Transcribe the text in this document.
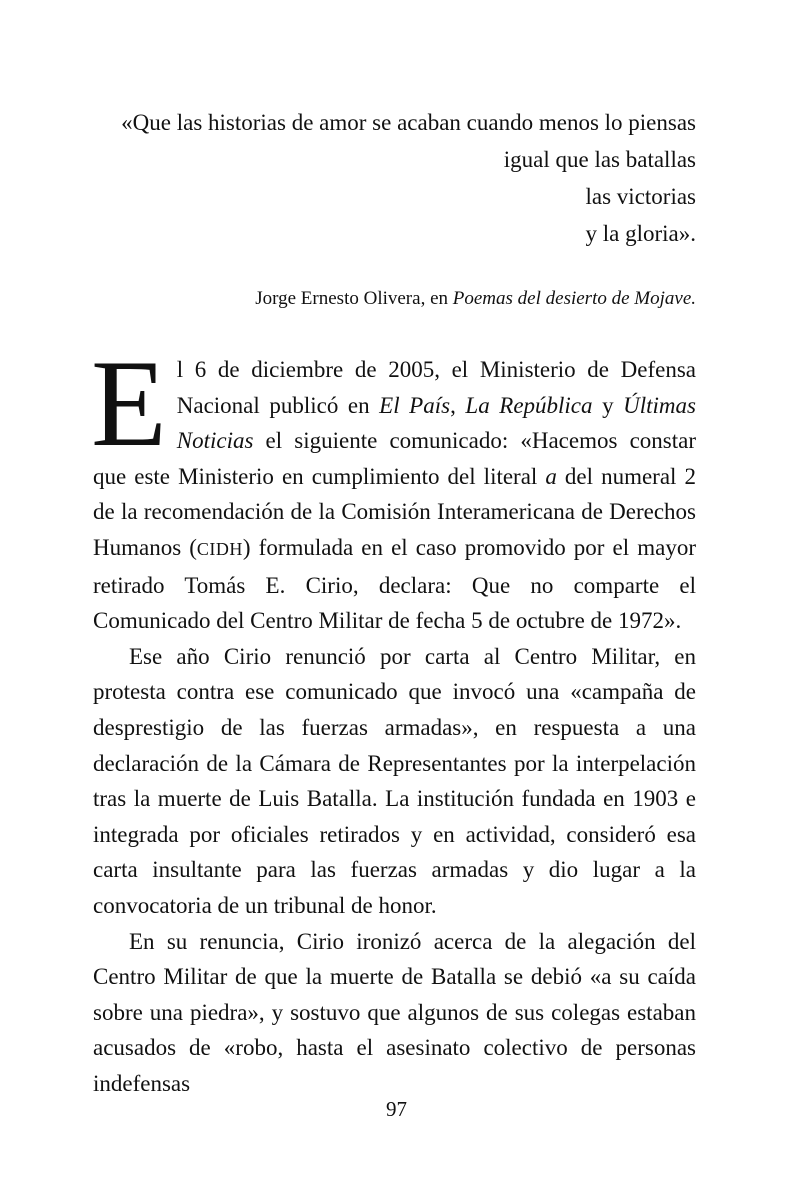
«Que las historias de amor se acaban cuando menos lo piensas
igual que las batallas
las victorias
y la gloria».
Jorge Ernesto Olivera, en Poemas del desierto de Mojave.

El 6 de diciembre de 2005, el Ministerio de Defensa Nacional publicó en El País, La República y Últimas Noticias el siguiente comunicado: «Hacemos constar que este Ministerio en cumplimiento del literal a del numeral 2 de la recomendación de la Comisión Interamericana de Derechos Humanos (CIDH) formulada en el caso promovido por el mayor retirado Tomás E. Cirio, declara: Que no comparte el Comunicado del Centro Militar de fecha 5 de octubre de 1972».

Ese año Cirio renunció por carta al Centro Militar, en protesta contra ese comunicado que invocó una «campaña de desprestigio de las fuerzas armadas», en respuesta a una declaración de la Cámara de Representantes por la interpelación tras la muerte de Luis Batalla. La institución fundada en 1903 e integrada por oficiales retirados y en actividad, consideró esa carta insultante para las fuerzas armadas y dio lugar a la convocatoria de un tribunal de honor.

En su renuncia, Cirio ironizó acerca de la alegación del Centro Militar de que la muerte de Batalla se debió «a su caída sobre una piedra», y sostuvo que algunos de sus colegas estaban acusados de «robo, hasta el asesinato colectivo de personas indefensas

97
